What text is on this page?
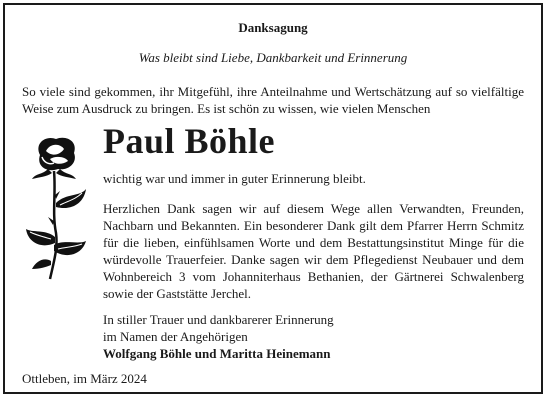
Danksagung
Was bleibt sind Liebe, Dankbarkeit und Erinnerung
So viele sind gekommen, ihr Mitgefühl, ihre Anteilnahme und Wertschätzung auf so vielfältige Weise zum Ausdruck zu bringen. Es ist schön zu wissen, wie vielen Menschen
Paul Böhle
wichtig war und immer in guter Erinnerung bleibt.
Herzlichen Dank sagen wir auf diesem Wege allen Verwandten, Freunden, Nachbarn und Bekannten. Ein besonderer Dank gilt dem Pfarrer Herrn Schmitz für die lieben, einfühlsamen Worte und dem Bestattungsinstitut Minge für die würdevolle Trauerfeier. Danke sagen wir dem Pflegedienst Neubauer und dem Wohnbereich 3 vom Johanniterhaus Bethanien, der Gärtnerei Schwalenberg sowie der Gaststätte Jerchel.
In stiller Trauer und dankbarerer Erinnerung
im Namen der Angehörigen
Wolfgang Böhle und Maritta Heinemann
Ottleben, im März 2024
